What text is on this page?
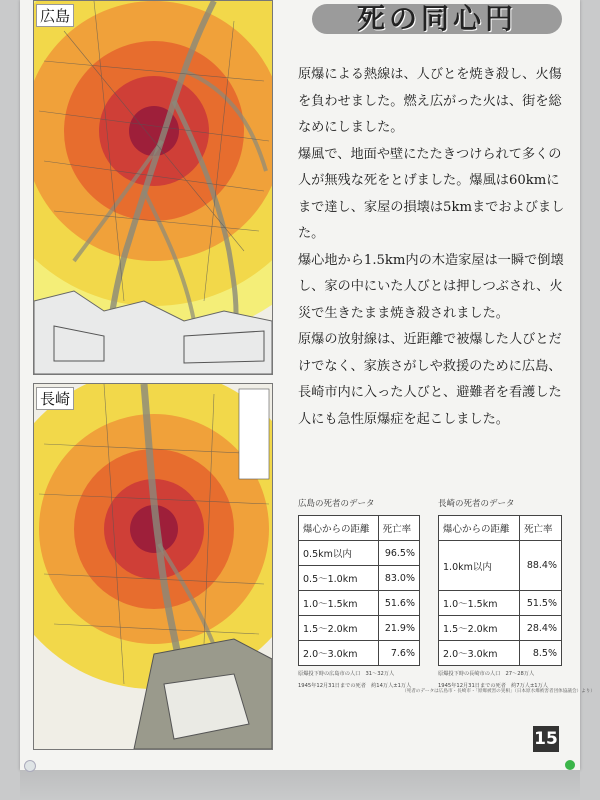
広島
長崎
死の同心円

原爆による熱線は、人びとを焼き殺し、火傷を負わせました。燃え広がった火は、街を総なめにしました。

爆風で、地面や壁にたたきつけられて多くの人が無残な死をとげました。爆風は60kmにまで達し、家屋の損壊は5kmまでおよびました。

爆心地から1.5km内の木造家屋は一瞬で倒壊し、家の中にいた人びとは押しつぶされ、火災で生きたまま焼き殺されました。

原爆の放射線は、近距離で被爆した人びとだけでなく、家族さがしや救援のために広島、長崎市内に入った人びと、避難者を看護した人にも急性原爆症を起こしました。

広島の死者のデータ
爆心からの距離	死亡率
0.5km以内	96.5%
0.5〜1.0km	83.0%
1.0〜1.5km	51.6%
1.5〜2.0km	21.9%
2.0〜3.0km	7.6%
原爆投下時の広島市の人口　31〜32万人
1945年12月31日までの死者　約14万人±1万人
長崎の死者のデータ
爆心からの距離	死亡率
1.0km以内	88.4%
1.0〜1.5km	51.5%
1.5〜2.0km	28.4%
2.0〜3.0km	8.5%
原爆投下時の長崎市の人口　27〜28万人
1945年12月31日までの死者　約7万人±1万人
（死者のデータは広島市・長崎市・「原爆被害の実相」（日本原水爆被害者団体協議会）より）
15
